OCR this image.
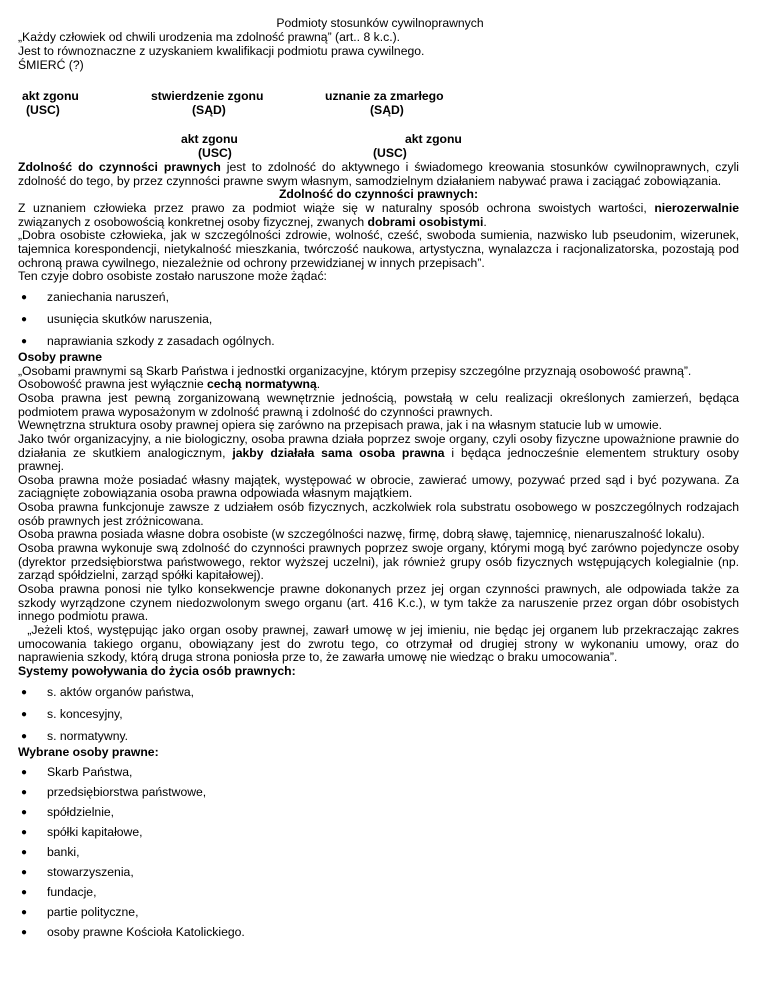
Podmioty stosunków cywilnoprawnych
„Każdy człowiek od chwili urodzenia ma zdolność prawną” (art.. 8 k.c.).
Jest to równoznaczne z uzyskaniem kwalifikacji podmiotu prawa cywilnego.
ŚMIERĆ (?)
akt zgonu
(USC)
stwierdzenie zgonu
(SĄD)
uznanie za zmarłego
(SĄD)
akt zgonu
(USC)
akt zgonu
(USC)

Zdolność do czynności prawnych jest to zdolność do aktywnego i świadomego kreowania stosunków cywilnoprawnych, czyli zdolność do tego, by przez czynności prawne swym własnym, samodzielnym działaniem nabywać prawa i zaciągać zobowiązania.

Zdolność do czynności prawnych:

Z uznaniem człowieka przez prawo za podmiot wiąże się w naturalny sposób ochrona swoistych wartości, nierozerwalnie związanych z osobowością konkretnej osoby fizycznej, zwanych dobrami osobistymi.

„Dobra osobiste człowieka, jak w szczególności zdrowie, wolność, cześć, swoboda sumienia, nazwisko lub pseudonim, wizerunek, tajemnica korespondencji, nietykalność mieszkania, twórczość naukowa, artystyczna, wynalazcza i racjonalizatorska, pozostają pod ochroną prawa cywilnego, niezależnie od ochrony przewidzianej w innych przepisach”.

Ten czyje dobro osobiste zostało naruszone może żądać:

● zaniechania naruszeń,
● usunięcia skutków naruszenia,
● naprawiania szkody z zasadach ogólnych.

Osoby prawne

„Osobami prawnymi są Skarb Państwa i jednostki organizacyjne, którym przepisy szczególne przyznają osobowość prawną”.

Osobowość prawna jest wyłącznie cechą normatywną.

Osoba prawna jest pewną zorganizowaną wewnętrznie jednością, powstałą w celu realizacji określonych zamierzeń, będąca podmiotem prawa wyposażonym w zdolność prawną i zdolność do czynności prawnych.

Wewnętrzna struktura osoby prawnej opiera się zarówno na przepisach prawa, jak i na własnym statucie lub w umowie.

Jako twór organizacyjny, a nie biologiczny, osoba prawna działa poprzez swoje organy, czyli osoby fizyczne upoważnione prawnie do działania ze skutkiem analogicznym, jakby działała sama osoba prawna i będąca jednocześnie elementem struktury osoby prawnej.

Osoba prawna może posiadać własny majątek, występować w obrocie, zawierać umowy, pozywać przed sąd i być pozywana. Za zaciągnięte zobowiązania osoba prawna odpowiada własnym majątkiem.

Osoba prawna funkcjonuje zawsze z udziałem osób fizycznych, aczkolwiek rola substratu osobowego w poszczególnych rodzajach osób prawnych jest zróżnicowana.

Osoba prawna posiada własne dobra osobiste (w szczególności nazwę, firmę, dobrą sławę, tajemnicę, nienaruszalność lokalu).

Osoba prawna wykonuje swą zdolność do czynności prawnych poprzez swoje organy, którymi mogą być zarówno pojedyncze osoby (dyrektor przedsiębiorstwa państwowego, rektor wyższej uczelni), jak również grupy osób fizycznych wstępujących kolegialnie (np. zarząd spółdzielni, zarząd spółki kapitałowej).

Osoba prawna ponosi nie tylko konsekwencje prawne dokonanych przez jej organ czynności prawnych, ale odpowiada także za szkody wyrządzone czynem niedozwolonym swego organu (art. 416 K.c.), w tym także za naruszenie przez organ dóbr osobistych innego podmiotu prawa.

„Jeżeli ktoś, występując jako organ osoby prawnej, zawarł umowę w jej imieniu, nie będąc jej organem lub przekraczając zakres umocowania takiego organu, obowiązany jest do zwrotu tego, co otrzymał od drugiej strony w wykonaniu umowy, oraz do naprawienia szkody, którą druga strona poniosła prze to, że zawarła umowę nie wiedząc o braku umocowania”.

Systemy powoływania do życia osób prawnych:

● s. aktów organów państwa,
● s. koncesyjny,
● s. normatywny.

Wybrane osoby prawne:

● Skarb Państwa,
● przedsiębiorstwa państwowe,
● spółdzielnie,
● spółki kapitałowe,
● banki,
● stowarzyszenia,
● fundacje,
● partie polityczne,
● osoby prawne Kościoła Katolickiego.
